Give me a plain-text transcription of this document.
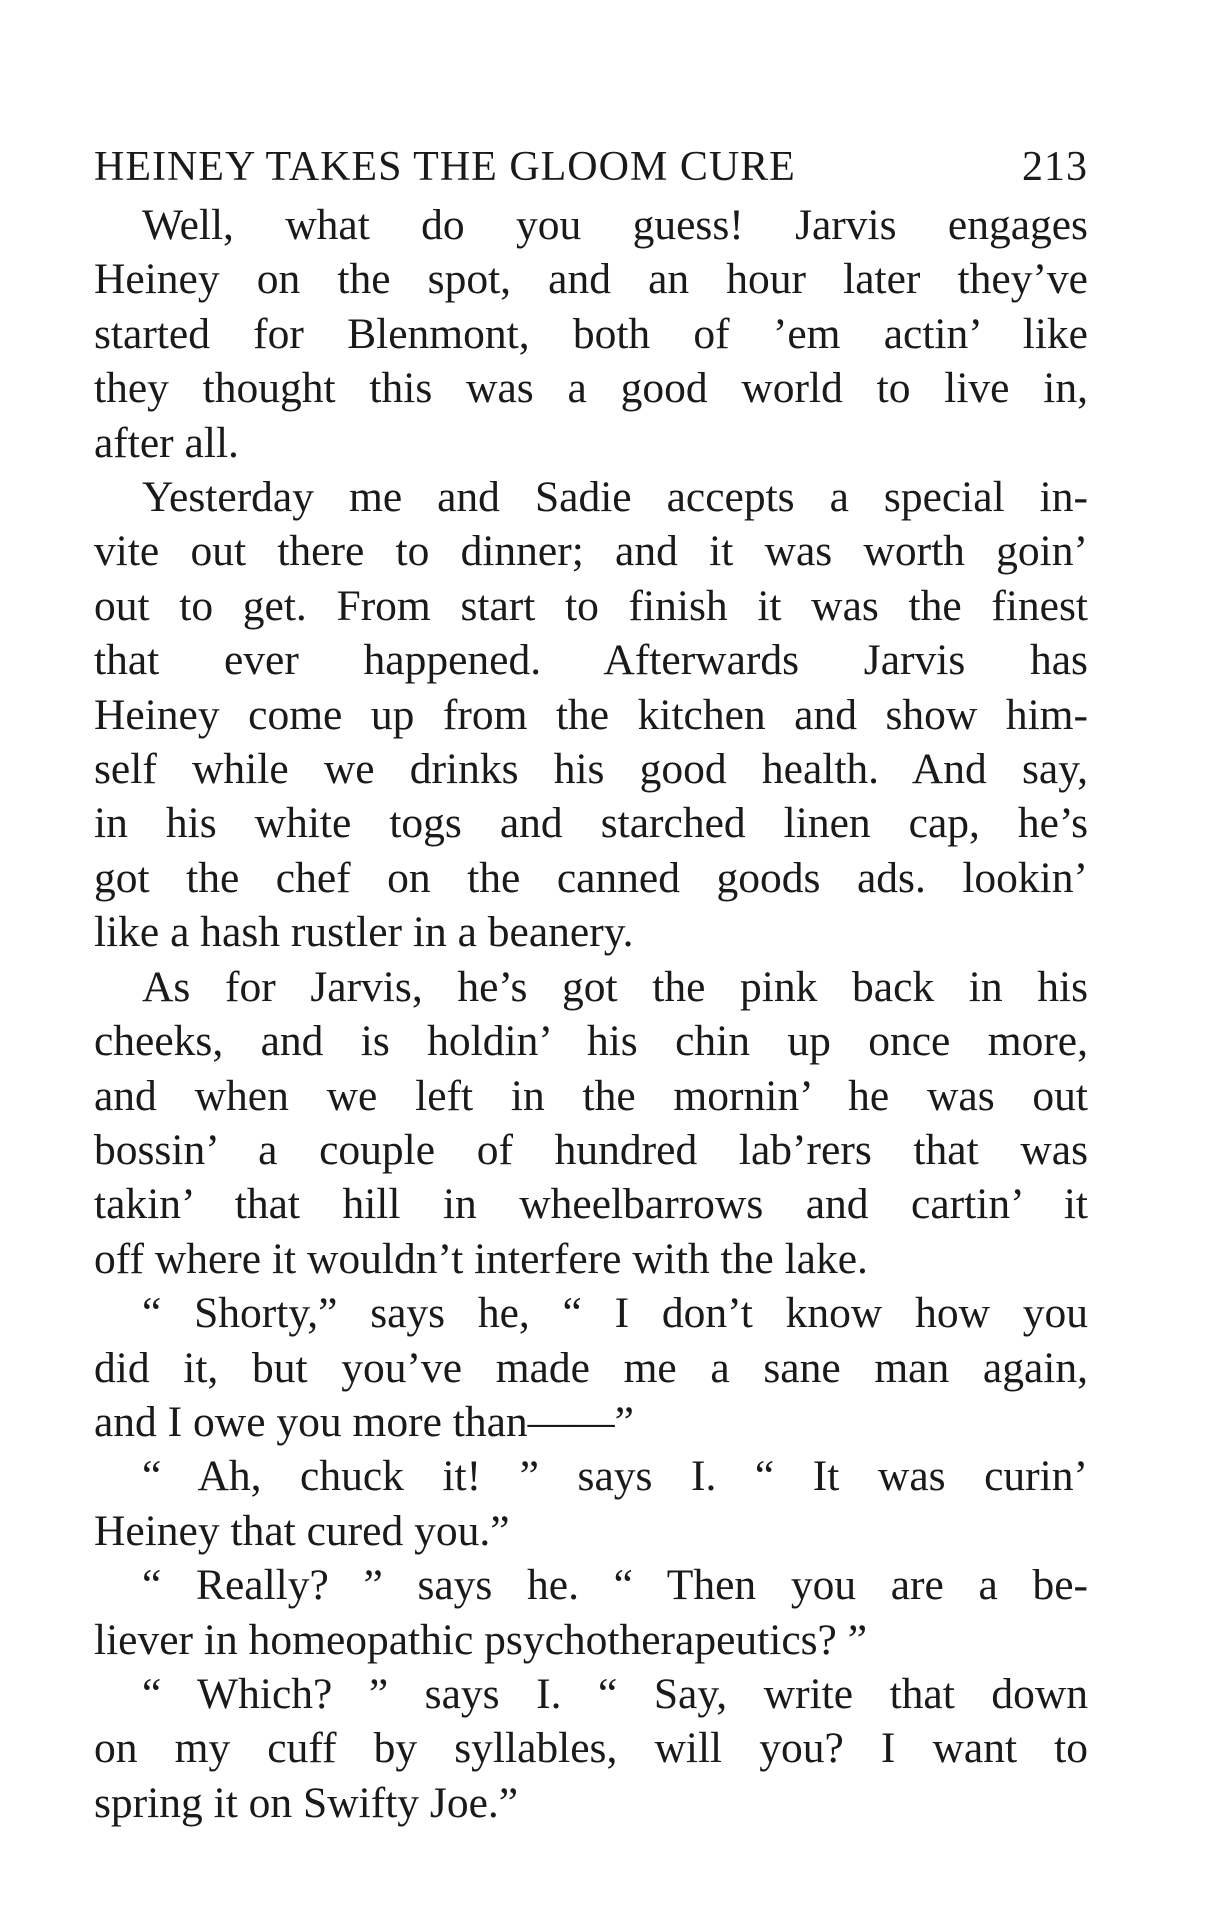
HEINEY TAKES THE GLOOM CURE	213
Well, what do you guess! Jarvis engages
Heiney on the spot, and an hour later they’ve
started for Blenmont, both of ’em actin’ like
they thought this was a good world to live in,
after all.
Yesterday me and Sadie accepts a special in-
vite out there to dinner; and it was worth goin’
out to get. From start to finish it was the finest
that ever happened. Afterwards Jarvis has
Heiney come up from the kitchen and show him-
self while we drinks his good health. And say,
in his white togs and starched linen cap, he’s
got the chef on the canned goods ads. lookin’
like a hash rustler in a beanery.
As for Jarvis, he’s got the pink back in his
cheeks, and is holdin’ his chin up once more,
and when we left in the mornin’ he was out
bossin’ a couple of hundred lab’rers that was
takin’ that hill in wheelbarrows and cartin’ it
off where it wouldn’t interfere with the lake.
“ Shorty,” says he, “ I don’t know how you
did it, but you’ve made me a sane man again,
and I owe you more than——”
“ Ah, chuck it! ” says I. “ It was curin’
Heiney that cured you.”
“ Really? ” says he. “ Then you are a be-
liever in homeopathic psychotherapeutics? ”
“ Which? ” says I. “ Say, write that down
on my cuff by syllables, will you? I want to
spring it on Swifty Joe.”
